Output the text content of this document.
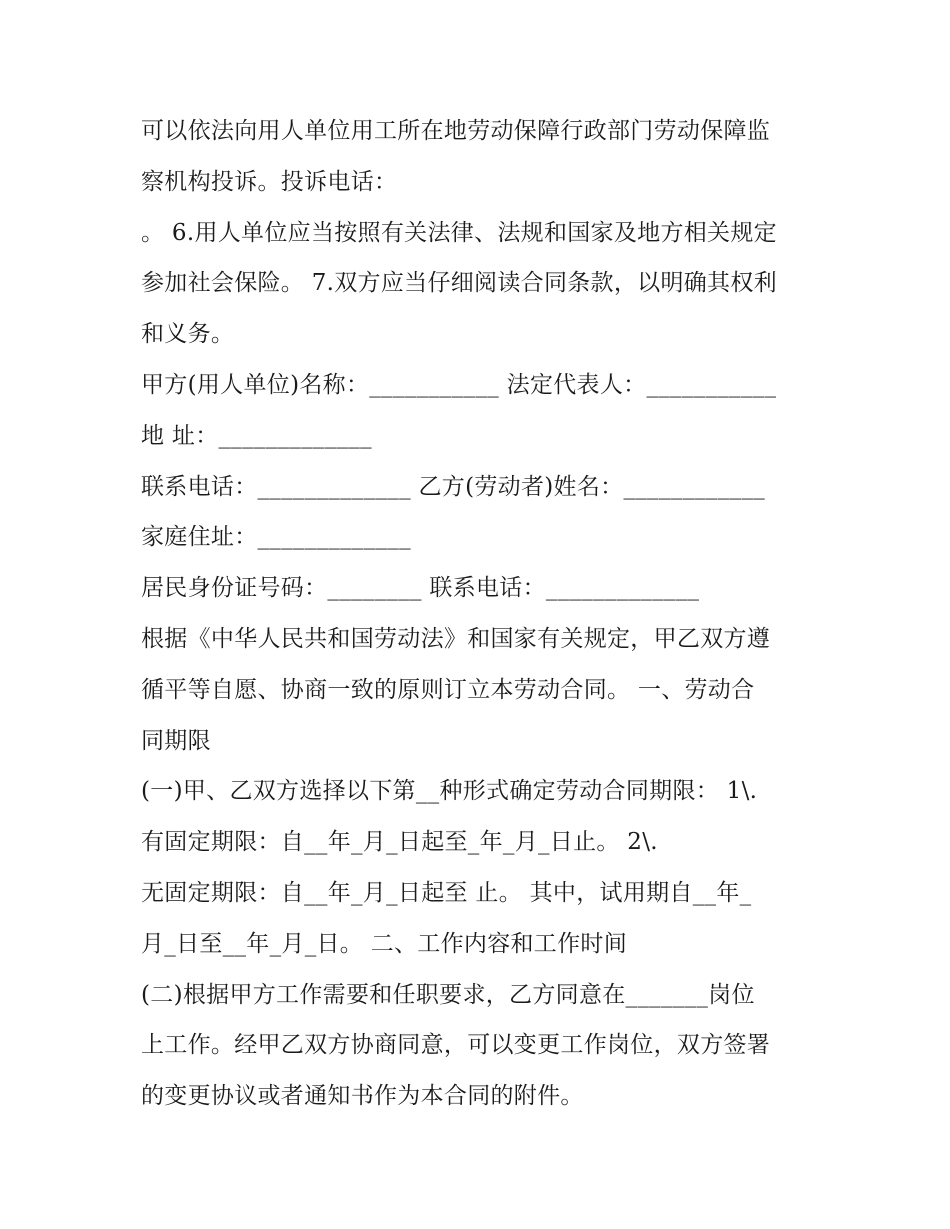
可以依法向用人单位用工所在地劳动保障行政部门劳动保障监
察机构投诉。投诉电话：
。 6.用人单位应当按照有关法律、法规和国家及地方相关规定
参加社会保险。 7.双方应当仔细阅读合同条款，以明确其权利
和义务。
甲方(用人单位)名称：___________ 法定代表人：___________
地 址：_____________
联系电话：_____________ 乙方(劳动者)姓名：____________
家庭住址：_____________
居民身份证号码：________ 联系电话：_____________
根据《中华人民共和国劳动法》和国家有关规定，甲乙双方遵
循平等自愿、协商一致的原则订立本劳动合同。 一、劳动合
同期限
(一)甲、乙双方选择以下第__种形式确定劳动合同期限： 1\.
有固定期限：自__年_月_日起至_年_月_日止。 2\.
无固定期限：自__年_月_日起至 止。 其中，试用期自__年_
月_日至__年_月_日。 二、工作内容和工作时间
(二)根据甲方工作需要和任职要求，乙方同意在_______岗位
上工作。经甲乙双方协商同意，可以变更工作岗位，双方签署
的变更协议或者通知书作为本合同的附件。
